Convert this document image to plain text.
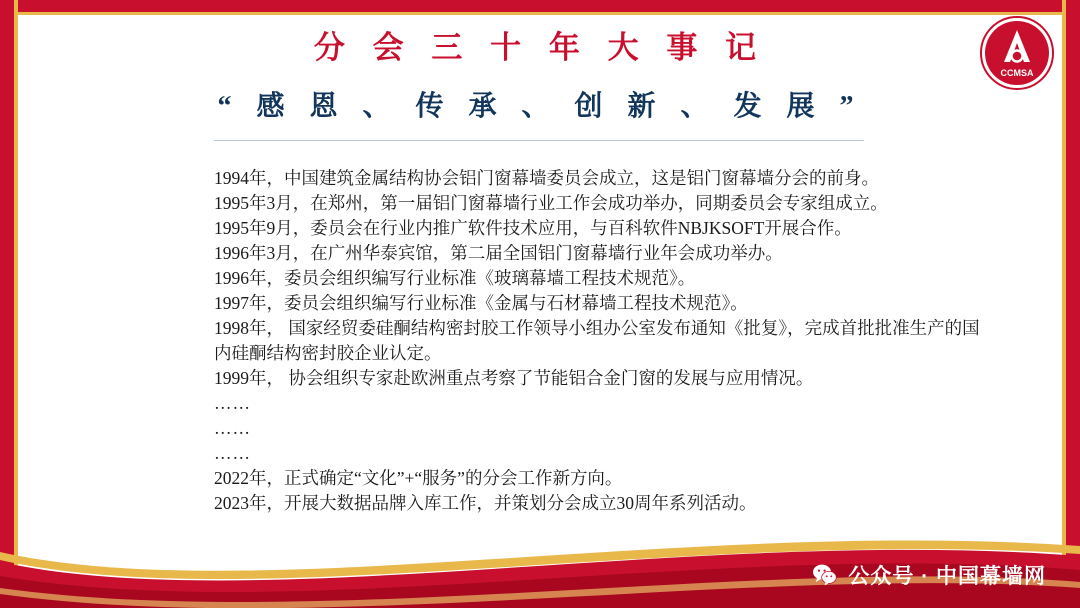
CCMSA
分 会 三 十 年 大 事 记
“ 感 恩 、 传 承 、 创 新 、 发 展 ”
1994年，中国建筑金属结构协会铝门窗幕墙委员会成立，这是铝门窗幕墙分会的前身。
1995年3月，在郑州，第一届铝门窗幕墙行业工作会成功举办，同期委员会专家组成立。
1995年9月，委员会在行业内推广软件技术应用，与百科软件NBJKSOFT开展合作。
1996年3月，在广州华泰宾馆，第二届全国铝门窗幕墙行业年会成功举办。
1996年，委员会组织编写行业标准《玻璃幕墙工程技术规范》。
1997年，委员会组织编写行业标准《金属与石材幕墙工程技术规范》。
1998年， 国家经贸委硅酮结构密封胶工作领导小组办公室发布通知《批复》，完成首批批准生产的国内硅酮结构密封胶企业认定。
1999年， 协会组织专家赴欧洲重点考察了节能铝合金门窗的发展与应用情况。
……
……
……
2022年，正式确定“文化”+“服务”的分会工作新方向。
2023年，开展大数据品牌入库工作，并策划分会成立30周年系列活动。
公众号 · 中国幕墙网
